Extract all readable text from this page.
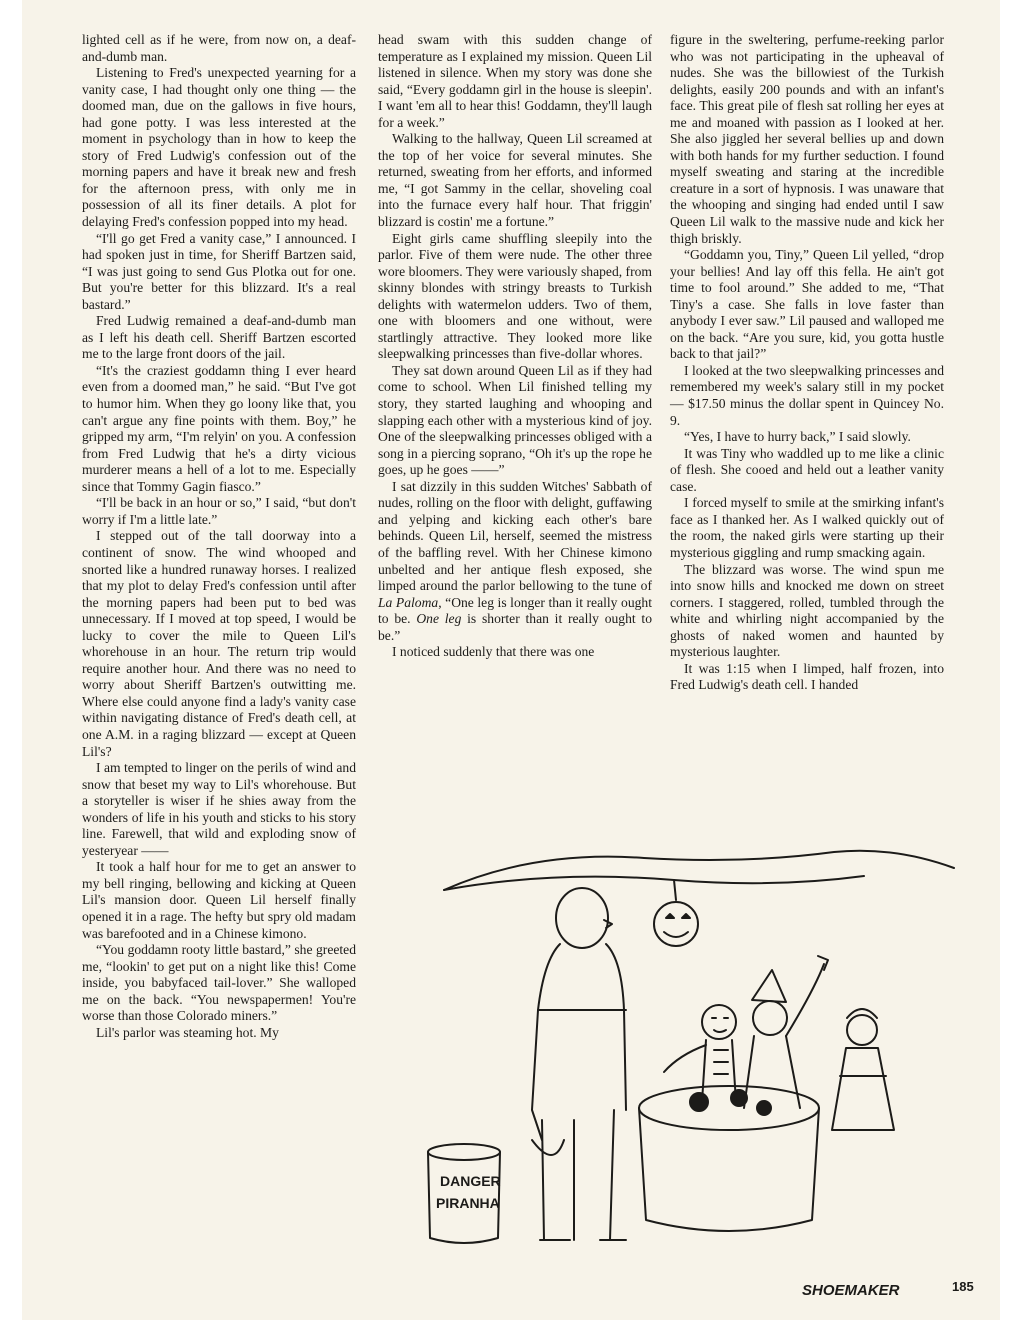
lighted cell as if he were, from now on, a deaf-and-dumb man.

Listening to Fred's unexpected yearning for a vanity case, I had thought only one thing — the doomed man, due on the gallows in five hours, had gone potty. I was less interested at the moment in psychology than in how to keep the story of Fred Ludwig's confession out of the morning papers and have it break new and fresh for the afternoon press, with only me in possession of all its finer details. A plot for delaying Fred's confession popped into my head.

“I'll go get Fred a vanity case,” I announced. I had spoken just in time, for Sheriff Bartzen said, “I was just going to send Gus Plotka out for one. But you're better for this blizzard. It's a real bastard.”

Fred Ludwig remained a deaf-and-dumb man as I left his death cell. Sheriff Bartzen escorted me to the large front doors of the jail.

“It's the craziest goddamn thing I ever heard even from a doomed man,” he said. “But I've got to humor him. When they go loony like that, you can't argue any fine points with them. Boy,” he gripped my arm, “I'm relyin' on you. A confession from Fred Ludwig that he's a dirty vicious murderer means a hell of a lot to me. Especially since that Tommy Gagin fiasco.”

“I'll be back in an hour or so,” I said, “but don't worry if I'm a little late.”

I stepped out of the tall doorway into a continent of snow. The wind whooped and snorted like a hundred runaway horses. I realized that my plot to delay Fred's confession until after the morning papers had been put to bed was unnecessary. If I moved at top speed, I would be lucky to cover the mile to Queen Lil's whorehouse in an hour. The return trip would require another hour. And there was no need to worry about Sheriff Bartzen's outwitting me. Where else could anyone find a lady's vanity case within navigating distance of Fred's death cell, at one A.M. in a raging blizzard — except at Queen Lil's?

I am tempted to linger on the perils of wind and snow that beset my way to Lil's whorehouse. But a storyteller is wiser if he shies away from the wonders of life in his youth and sticks to his story line. Farewell, that wild and exploding snow of yesteryear ——

It took a half hour for me to get an answer to my bell ringing, bellowing and kicking at Queen Lil's mansion door. Queen Lil herself finally opened it in a rage. The hefty but spry old madam was barefooted and in a Chinese kimono.

“You goddamn rooty little bastard,” she greeted me, “lookin' to get put on a night like this! Come inside, you babyfaced tail-lover.” She walloped me on the back. “You newspapermen! You're worse than those Colorado miners.”

Lil's parlor was steaming hot. My

head swam with this sudden change of temperature as I explained my mission. Queen Lil listened in silence. When my story was done she said, “Every goddamn girl in the house is sleepin'. I want 'em all to hear this! Goddamn, they'll laugh for a week.”

Walking to the hallway, Queen Lil screamed at the top of her voice for several minutes. She returned, sweating from her efforts, and informed me, “I got Sammy in the cellar, shoveling coal into the furnace every half hour. That friggin' blizzard is costin' me a fortune.”

Eight girls came shuffling sleepily into the parlor. Five of them were nude. The other three wore bloomers. They were variously shaped, from skinny blondes with stringy breasts to Turkish delights with watermelon udders. Two of them, one with bloomers and one without, were startlingly attractive. They looked more like sleepwalking princesses than five-dollar whores.

They sat down around Queen Lil as if they had come to school. When Lil finished telling my story, they started laughing and whooping and slapping each other with a mysterious kind of joy. One of the sleepwalking princesses obliged with a song in a piercing soprano, “Oh it's up the rope he goes, up he goes ——”

I sat dizzily in this sudden Witches' Sabbath of nudes, rolling on the floor with delight, guffawing and yelping and kicking each other's bare behinds. Queen Lil, herself, seemed the mistress of the baffling revel. With her Chinese kimono unbelted and her antique flesh exposed, she limped around the parlor bellowing to the tune of La Paloma, “One leg is longer than it really ought to be. One leg is shorter than it really ought to be.”

I noticed suddenly that there was one

figure in the sweltering, perfume-reeking parlor who was not participating in the upheaval of nudes. She was the billowiest of the Turkish delights, easily 200 pounds and with an infant's face. This great pile of flesh sat rolling her eyes at me and moaned with passion as I looked at her. She also jiggled her several bellies up and down with both hands for my further seduction. I found myself sweating and staring at the incredible creature in a sort of hypnosis. I was unaware that the whooping and singing had ended until I saw Queen Lil walk to the massive nude and kick her thigh briskly.

“Goddamn you, Tiny,” Queen Lil yelled, “drop your bellies! And lay off this fella. He ain't got time to fool around.” She added to me, “That Tiny's a case. She falls in love faster than anybody I ever saw.” Lil paused and walloped me on the back. “Are you sure, kid, you gotta hustle back to that jail?”

I looked at the two sleepwalking princesses and remembered my week's salary still in my pocket — $17.50 minus the dollar spent in Quincey No. 9.

“Yes, I have to hurry back,” I said slowly.

It was Tiny who waddled up to me like a clinic of flesh. She cooed and held out a leather vanity case.

I forced myself to smile at the smirking infant's face as I thanked her. As I walked quickly out of the room, the naked girls were starting up their mysterious giggling and rump smacking again.

The blizzard was worse. The wind spun me into snow hills and knocked me down on street corners. I staggered, rolled, tumbled through the white and whirling night accompanied by the ghosts of naked women and haunted by mysterious laughter.

It was 1:15 when I limped, half frozen, into Fred Ludwig's death cell. I handed

DANGER
PIRANHA
SHOEMAKER	185
